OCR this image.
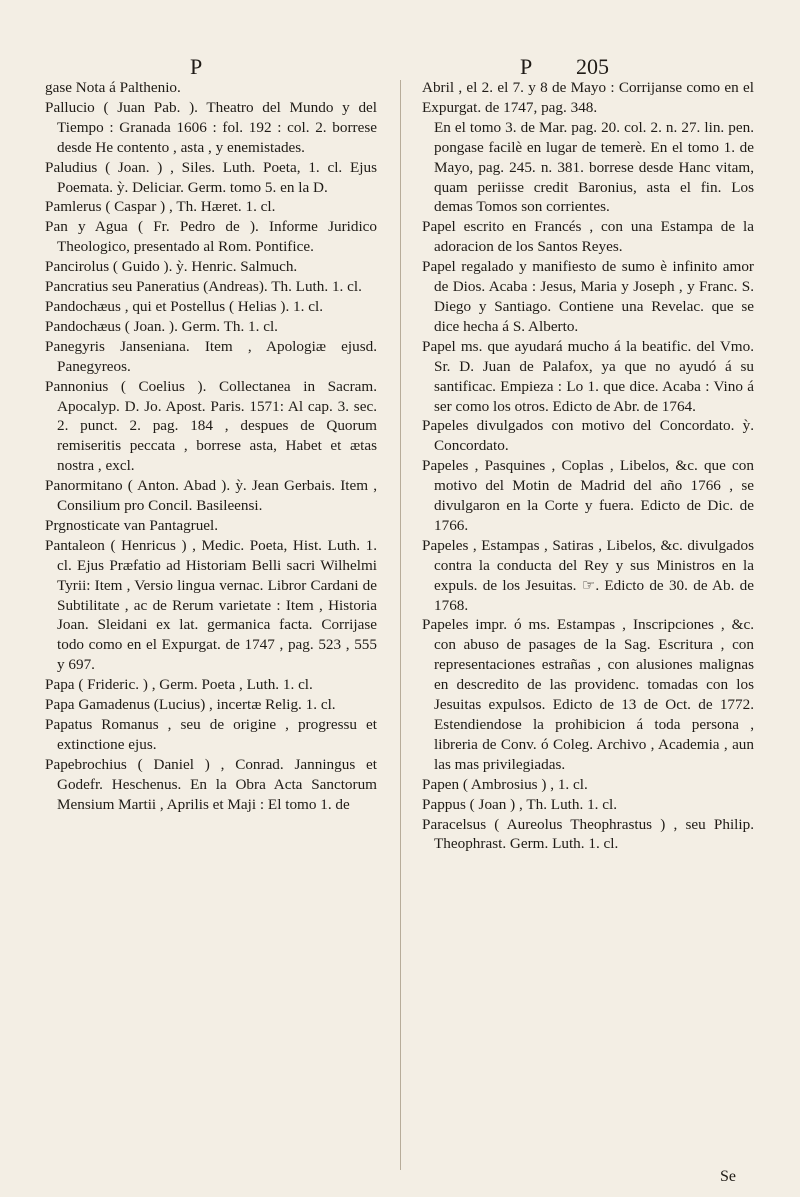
P	P 205

gase Nota á Palthenio.

Pallucio ( Juan Pab. ). Theatro del Mundo y del Tiempo : Granada 1606 : fol. 192 : col. 2. borrese desde He contento , asta , y enemistades.

Paludius ( Joan. ) , Siles. Luth. Poeta, 1. cl. Ejus Poemata. ỳ. Deliciar. Germ. tomo 5. en la D.

Pamlerus ( Caspar ) , Th. Hæret. 1. cl.

Pan y Agua ( Fr. Pedro de ). Informe Juridico Theologico, presentado al Rom. Pontifice.

Pancirolus ( Guido ). ỳ. Henric. Salmuch.

Pancratius seu Paneratius (Andreas). Th. Luth. 1. cl.

Pandochæus , qui et Postellus ( Helias ). 1. cl.

Pandochæus ( Joan. ). Germ. Th. 1. cl.

Panegyris Janseniana. Item , Apologiæ ejusd. Panegyreos.

Pannonius ( Coelius ). Collectanea in Sacram. Apocalyp. D. Jo. Apost. Paris. 1571: Al cap. 3. sec. 2. punct. 2. pag. 184 , despues de Quorum remiseritis peccata , borrese asta, Habet et ætas nostra , excl.

Panormitano ( Anton. Abad ). ỳ. Jean Gerbais. Item , Consilium pro Concil. Basileensi.

Prgnosticate van Pantagruel.

Pantaleon ( Henricus ) , Medic. Poeta, Hist. Luth. 1. cl. Ejus Præfatio ad Historiam Belli sacri Wilhelmi Tyrii: Item , Versio lingua vernac. Libror Cardani de Subtilitate , ac de Rerum varietate : Item , Historia Joan. Sleidani ex lat. germanica facta. Corrijase todo como en el Expurgat. de 1747 , pag. 523 , 555 y 697.

Papa ( Frideric. ) , Germ. Poeta , Luth. 1. cl.

Papa Gamadenus (Lucius) , incertæ Relig. 1. cl.

Papatus Romanus , seu de origine , progressu et extinctione ejus.

Papebrochius ( Daniel ) , Conrad. Janningus et Godefr. Heschenus. En la Obra Acta Sanctorum Mensium Martii , Aprilis et Maji : El tomo 1. de

Abril , el 2. el 7. y 8 de Mayo : Corrijanse como en el Expurgat. de 1747, pag. 348.

En el tomo 3. de Mar. pag. 20. col. 2. n. 27. lin. pen. pongase facilè en lugar de temerè. En el tomo 1. de Mayo, pag. 245. n. 381. borrese desde Hanc vitam, quam periisse credit Baronius, asta el fin. Los demas Tomos son corrientes.

Papel escrito en Francés , con una Estampa de la adoracion de los Santos Reyes.

Papel regalado y manifiesto de sumo è infinito amor de Dios. Acaba : Jesus, Maria y Joseph , y Franc. S. Diego y Santiago. Contiene una Revelac. que se dice hecha á S. Alberto.

Papel ms. que ayudará mucho á la beatific. del Vmo. Sr. D. Juan de Palafox, ya que no ayudó á su santificac. Empieza : Lo 1. que dice. Acaba : Vino á ser como los otros. Edicto de Abr. de 1764.

Papeles divulgados con motivo del Concordato. ỳ. Concordato.

Papeles , Pasquines , Coplas , Libelos, &c. que con motivo del Motin de Madrid del año 1766 , se divulgaron en la Corte y fuera. Edicto de Dic. de 1766.

Papeles , Estampas , Satiras , Libelos, &c. divulgados contra la conducta del Rey y sus Ministros en la expuls. de los Jesuitas. ☞. Edicto de 30. de Ab. de 1768.

Papeles impr. ó ms. Estampas , Inscripciones , &c. con abuso de pasages de la Sag. Escritura , con representaciones estrañas , con alusiones malignas en descredito de las providenc. tomadas con los Jesuitas expulsos. Edicto de 13 de Oct. de 1772. Estendiendose la prohibicion á toda persona , libreria de Conv. ó Coleg. Archivo , Academia , aun las mas privilegiadas.

Papen ( Ambrosius ) , 1. cl.

Pappus ( Joan ) , Th. Luth. 1. cl.

Paracelsus ( Aureolus Theophrastus ) , seu Philip. Theophrast. Germ. Luth. 1. cl.

Se
